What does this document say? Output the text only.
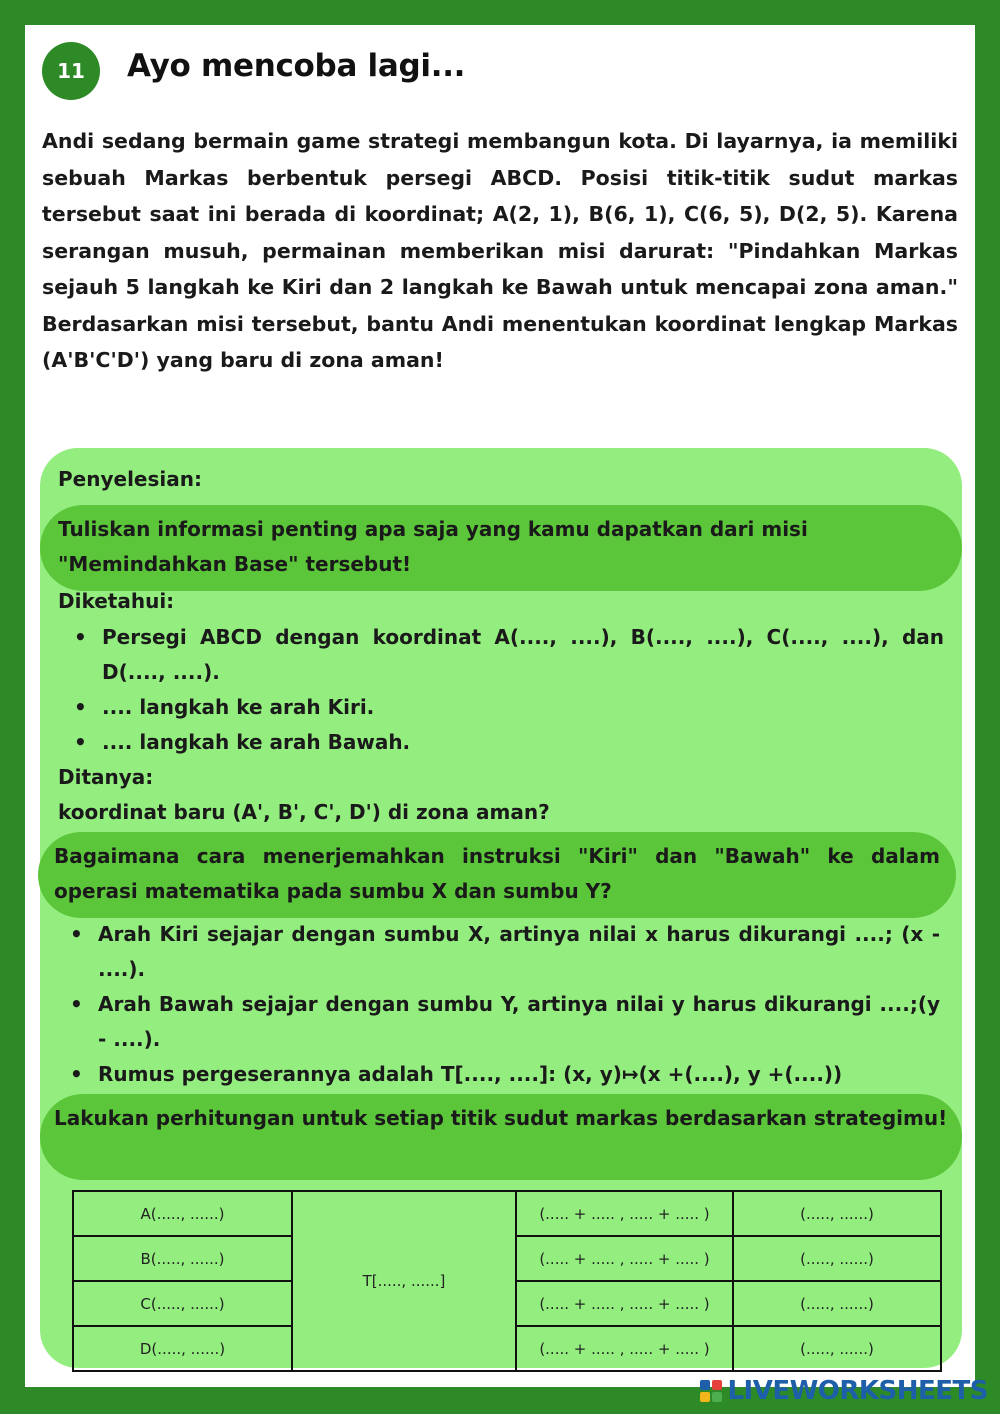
11	Ayo mencoba lagi...
Andi sedang bermain game strategi membangun kota. Di layarnya, ia memiliki sebuah Markas berbentuk persegi ABCD. Posisi titik-titik sudut markas tersebut saat ini berada di koordinat; A(2, 1), B(6, 1), C(6, 5), D(2, 5). Karena serangan musuh, permainan memberikan misi darurat: "Pindahkan Markas sejauh 5 langkah ke Kiri dan 2 langkah ke Bawah untuk mencapai zona aman." Berdasarkan misi tersebut, bantu Andi menentukan koordinat lengkap Markas (A'B'C'D') yang baru di zona aman!
Penyelesian:
Tuliskan informasi penting apa saja yang kamu dapatkan dari misi "Memindahkan Base" tersebut!
Diketahui:
• Persegi ABCD dengan koordinat A(...., ....), B(...., ....), C(...., ....), dan D(...., ....).
• .... langkah ke arah Kiri.
• .... langkah ke arah Bawah.
Ditanya:
koordinat baru (A', B', C', D') di zona aman?
Bagaimana cara menerjemahkan instruksi "Kiri" dan "Bawah" ke dalam operasi matematika pada sumbu X dan sumbu Y?
• Arah Kiri sejajar dengan sumbu X, artinya nilai x harus dikurangi ....; (x - ....).
• Arah Bawah sejajar dengan sumbu Y, artinya nilai y harus dikurangi ....;(y - ....).
• Rumus pergeserannya adalah T[...., ....]: (x, y)↦(x +(....), y +(....))
Lakukan perhitungan untuk setiap titik sudut markas berdasarkan strategimu!
A(....., ......)	T[....., ......]	(..... + ..... , ..... + ..... )	(....., ......)
B(....., ......)		(..... + ..... , ..... + ..... )	(....., ......)
C(....., ......)		(..... + ..... , ..... + ..... )	(....., ......)
D(....., ......)		(..... + ..... , ..... + ..... )	(....., ......)
LIVEWORKSHEETS
